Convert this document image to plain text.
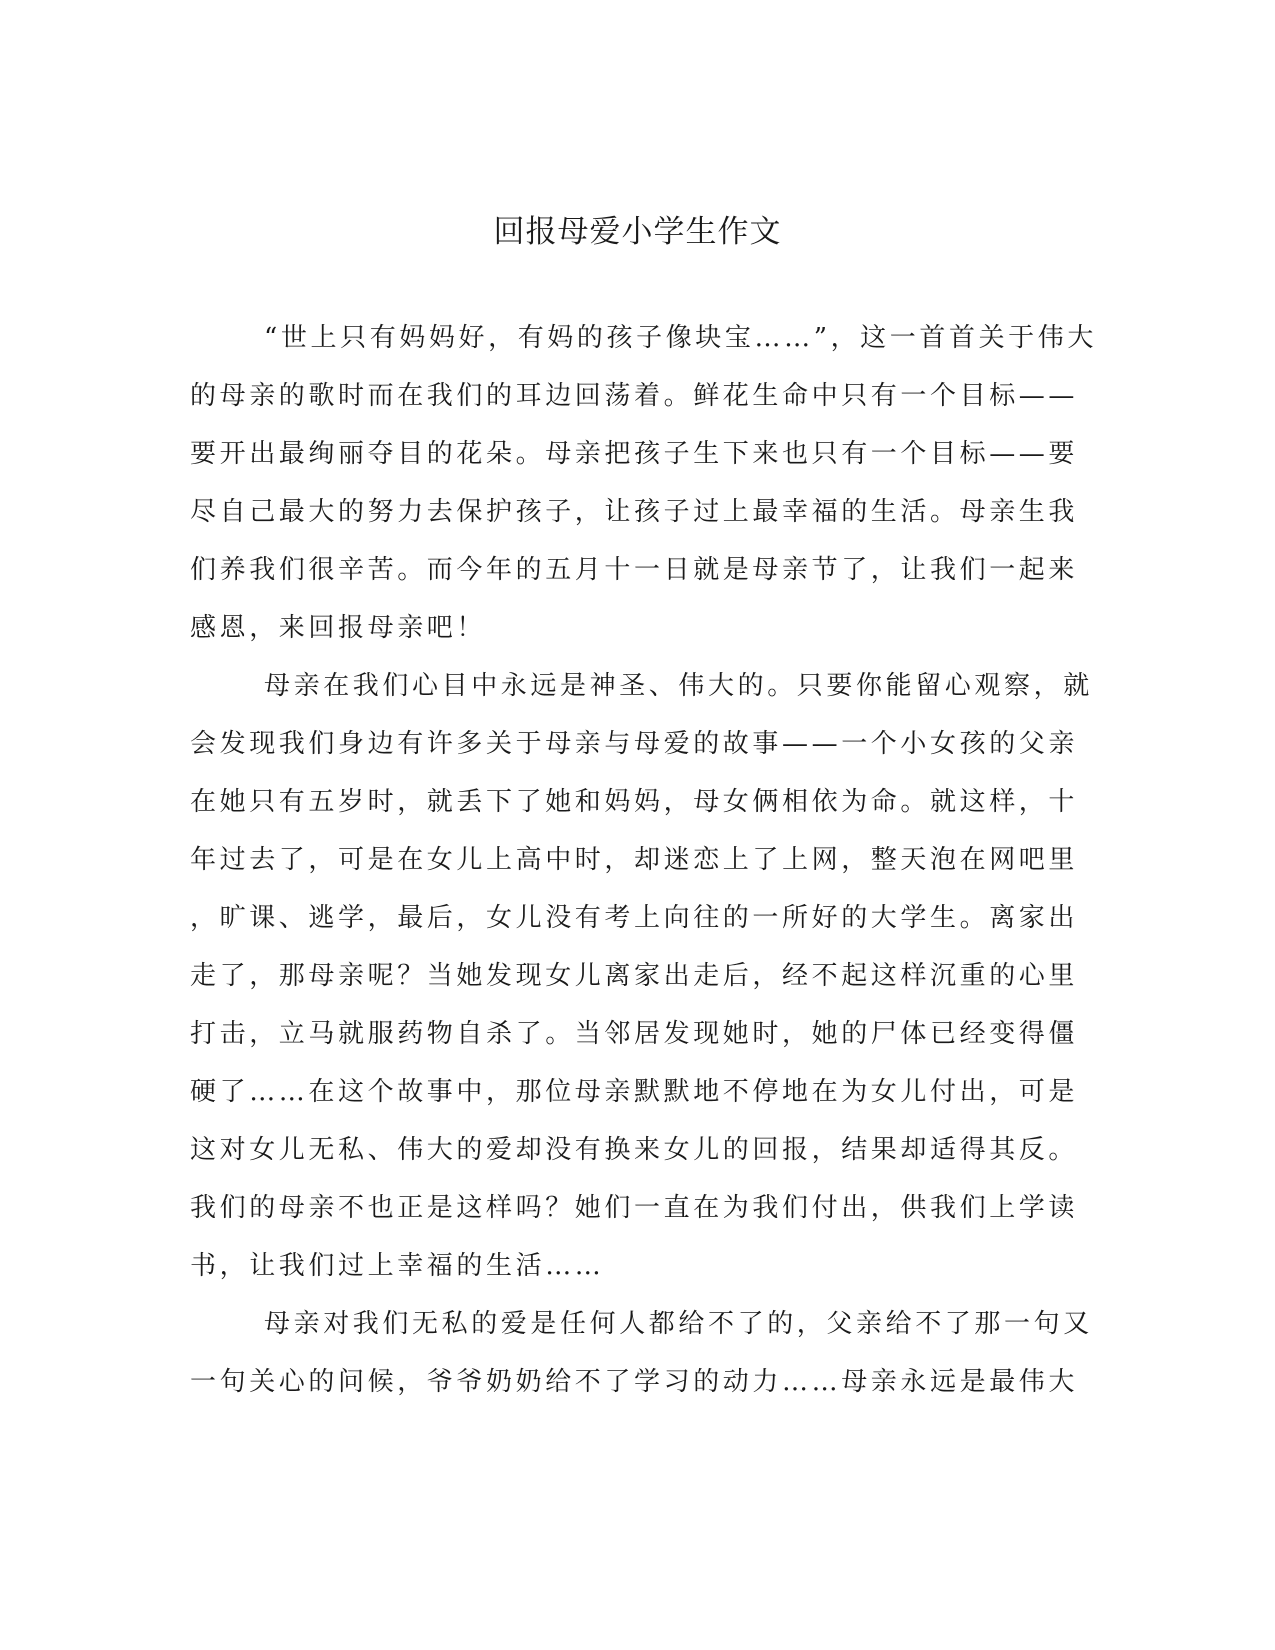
回报母爱小学生作文
“世上只有妈妈好，有妈的孩子像块宝……”，这一首首关于伟大
的母亲的歌时而在我们的耳边回荡着。鲜花生命中只有一个目标——
要开出最绚丽夺目的花朵。母亲把孩子生下来也只有一个目标——要
尽自己最大的努力去保护孩子，让孩子过上最幸福的生活。母亲生我
们养我们很辛苦。而今年的五月十一日就是母亲节了，让我们一起来
感恩，来回报母亲吧！
母亲在我们心目中永远是神圣、伟大的。只要你能留心观察，就
会发现我们身边有许多关于母亲与母爱的故事——一个小女孩的父亲
在她只有五岁时，就丢下了她和妈妈，母女俩相依为命。就这样，十
年过去了，可是在女儿上高中时，却迷恋上了上网，整天泡在网吧里
，旷课、逃学，最后，女儿没有考上向往的一所好的大学生。离家出
走了，那母亲呢？当她发现女儿离家出走后，经不起这样沉重的心里
打击，立马就服药物自杀了。当邻居发现她时，她的尸体已经变得僵
硬了……在这个故事中，那位母亲默默地不停地在为女儿付出，可是
这对女儿无私、伟大的爱却没有换来女儿的回报，结果却适得其反。
我们的母亲不也正是这样吗？她们一直在为我们付出，供我们上学读
书，让我们过上幸福的生活……
母亲对我们无私的爱是任何人都给不了的，父亲给不了那一句又
一句关心的问候，爷爷奶奶给不了学习的动力……母亲永远是最伟大
